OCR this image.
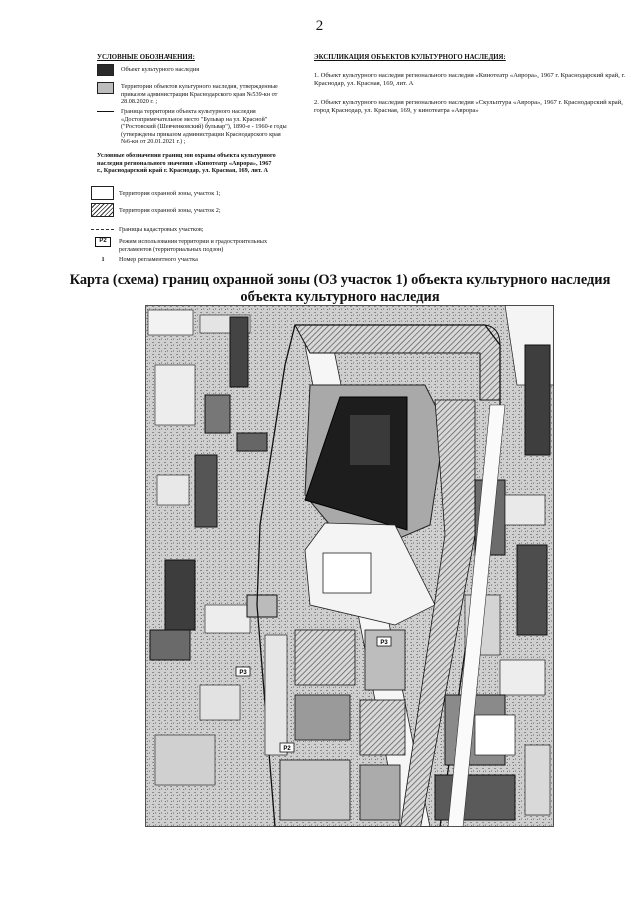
2
УСЛОВНЫЕ ОБОЗНАЧЕНИЯ:
Объект культурного наследия
Территории объектов культурного наследия, утвержденные приказом администрации Краснодарского края №539-кн от 28.08.2020 г. ;
Граница территории объекта культурного наследия «Достопримечательное место "Бульвар на ул. Красной" ("Ростовский (Шевченковский) бульвар"), 1890-е - 1960-е годы (утверждены приказом администрации Краснодарского края №6-кн от 20.01.2021 г.) ;
Условные обозначения границ зон охраны объекта культурного наследия регионального значения «Кинотеатр «Аврора», 1967 г., Краснодарский край г. Краснодар, ул. Красная, 169, лит. А
Территория охранной зоны, участок 1;
Территория охранной зоны, участок 2;
Границы кадастровых участков;
Р2	Режим использования территории и градостроительных регламентов (территориальных подзон)
1	Номер регламентного участка
ЭКСПЛИКАЦИЯ ОБЪЕКТОВ КУЛЬТУРНОГО НАСЛЕДИЯ:
1. Объект культурного наследия регионального наследия «Кинотеатр «Аврора», 1967 г. Краснодарский край, г. Краснодар, ул. Красная, 169, лит. А
2. Объект культурного наследия регионального наследия «Скульптура «Аврора», 1967 г. Краснодарский край, город Краснодар, ул. Красная, 169, у кинотеатра «Аврора»
Карта (схема) границ охранной зоны (ОЗ участок 1) объекта культурного наследия объекта культурного наследия
Р3
Р2
Р3
